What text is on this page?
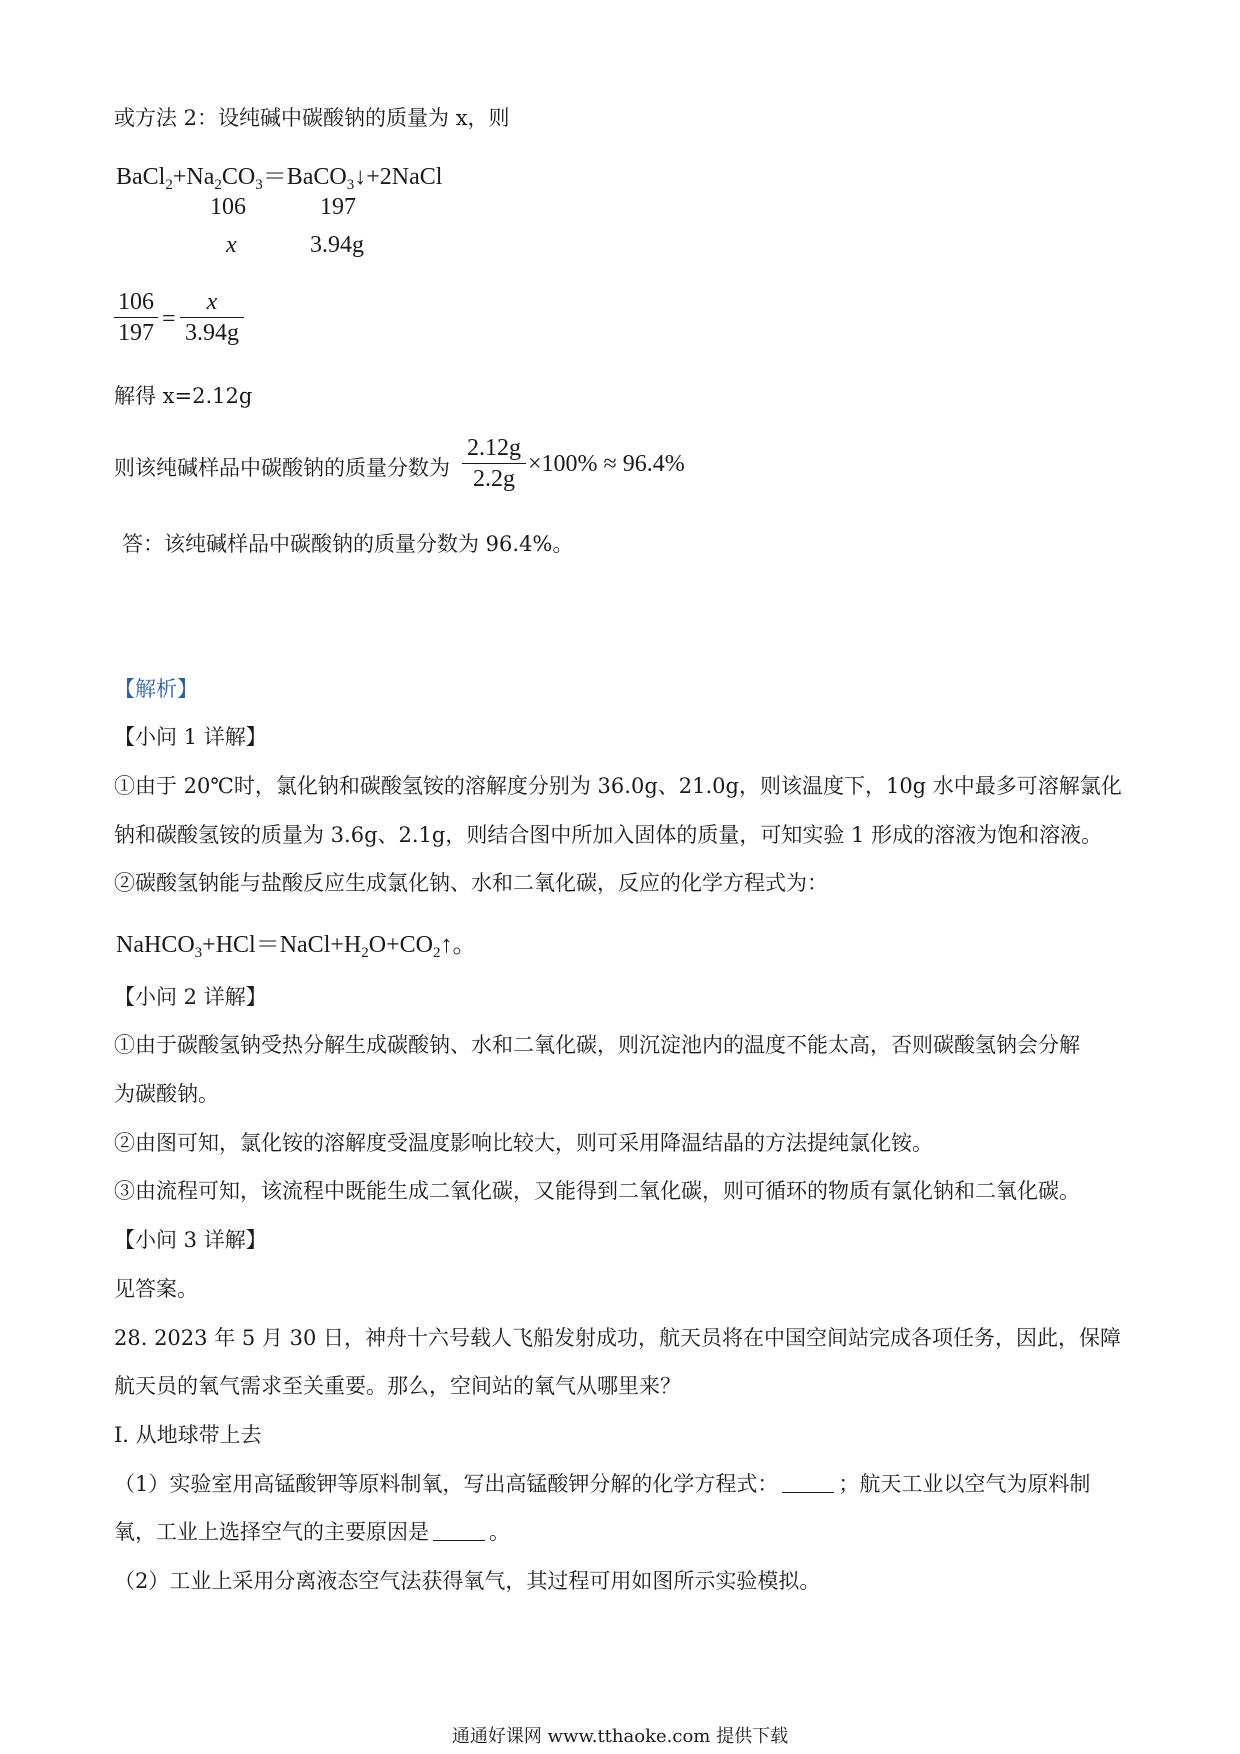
或方法 2：设纯碱中碳酸钠的质量为 x，则
$BaCl_2+Na_2CO_3=BaCO_3↓+2NaCl$
106	197
x	3.94g
106
197
=
x
3.94g
解得 x=2.12g
则该纯碱样品中碳酸钠的质量分数为
2.12g
2.2g
×100% ≈ 96.4%
答：该纯碱样品中碳酸钠的质量分数为 96.4%。
【解析】
【小问 1 详解】
①由于 20℃时，氯化钠和碳酸氢铵的溶解度分别为 36.0g、21.0g，则该温度下，10g 水中最多可溶解氯化
钠和碳酸氢铵的质量为 3.6g、2.1g，则结合图中所加入固体的质量，可知实验 1 形成的溶液为饱和溶液。
②碳酸氢钠能与盐酸反应生成氯化钠、水和二氧化碳，反应的化学方程式为：
$NaHCO_3+HCl=NaCl+H_2O+CO_2↑$。
【小问 2 详解】
①由于碳酸氢钠受热分解生成碳酸钠、水和二氧化碳，则沉淀池内的温度不能太高，否则碳酸氢钠会分解
为碳酸钠。
②由图可知，氯化铵的溶解度受温度影响比较大，则可采用降温结晶的方法提纯氯化铵。
③由流程可知，该流程中既能生成二氧化碳，又能得到二氧化碳，则可循环的物质有氯化钠和二氧化碳。
【小问 3 详解】
见答案。
28. 2023 年 5 月 30 日，神舟十六号载人飞船发射成功，航天员将在中国空间站完成各项任务，因此，保障
航天员的氧气需求至关重要。那么，空间站的氧气从哪里来？
I. 从地球带上去
（1）实验室用高锰酸钾等原料制氧，写出高锰酸钾分解的化学方程式：	；航天工业以空气为原料制
氧，工业上选择空气的主要原因是	。
（2）工业上采用分离液态空气法获得氧气，其过程可用如图所示实验模拟。
通通好课网 www.tthaoke.com 提供下载
